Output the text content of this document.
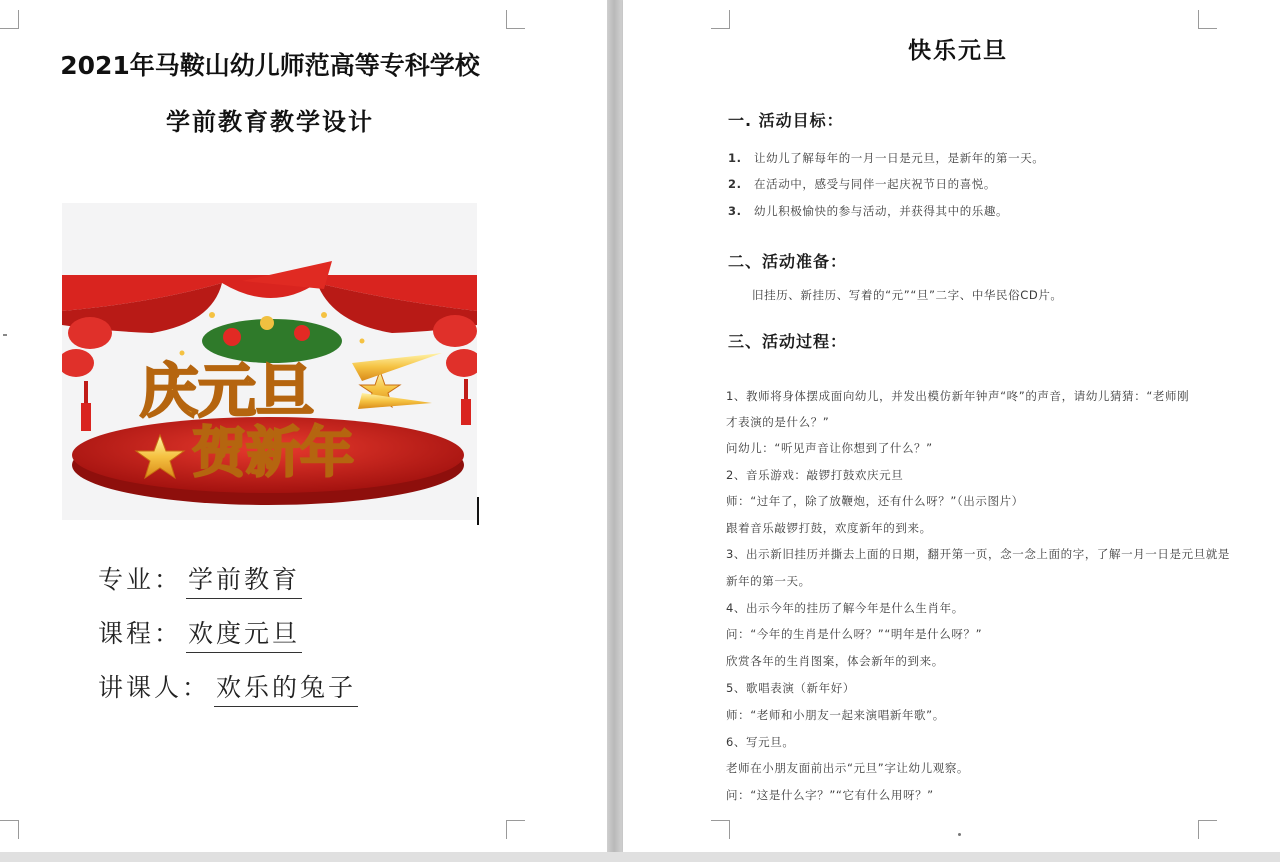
2021年马鞍山幼儿师范高等专科学校
学前教育教学设计
庆元旦
贺新年
专业： 学前教育
课程： 欢度元旦
讲课人： 欢乐的兔子
快乐元旦
一. 活动目标：
1. 让幼儿了解每年的一月一日是元旦，是新年的第一天。
2. 在活动中，感受与同伴一起庆祝节日的喜悦。
3. 幼儿积极愉快的参与活动，并获得其中的乐趣。
二、活动准备：
旧挂历、新挂历、写着的“元”“旦”二字、中华民俗CD片。
三、活动过程：
1、教师将身体摆成面向幼儿，并发出模仿新年钟声“咚”的声音，请幼儿猜猜：“老师刚
才表演的是什么？”
问幼儿：“听见声音让你想到了什么？”
2、音乐游戏：敲锣打鼓欢庆元旦
师：“过年了，除了放鞭炮，还有什么呀？”（出示图片）
跟着音乐敲锣打鼓，欢度新年的到来。
3、出示新旧挂历并撕去上面的日期，翻开第一页，念一念上面的字，了解一月一日是元旦就是
新年的第一天。
4、出示今年的挂历了解今年是什么生肖年。
问：“今年的生肖是什么呀？”“明年是什么呀？”
欣赏各年的生肖图案，体会新年的到来。
5、歌唱表演（新年好）
师：“老师和小朋友一起来演唱新年歌”。
6、写元旦。
老师在小朋友面前出示“元旦”字让幼儿观察。
问：“这是什么字？”“它有什么用呀？”
